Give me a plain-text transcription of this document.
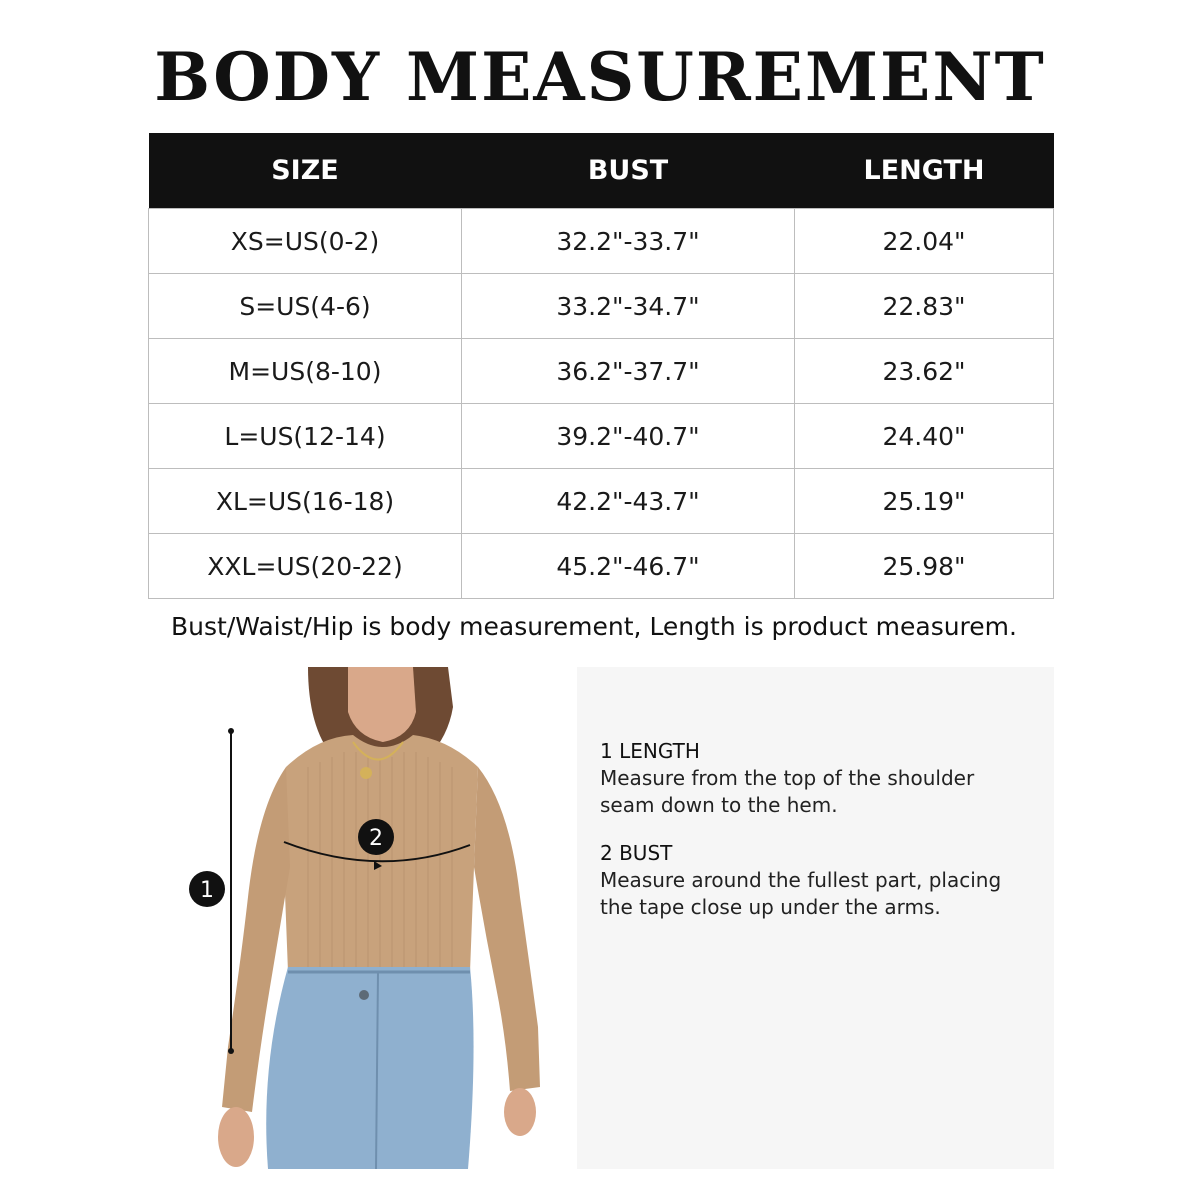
BODY MEASUREMENT
SIZE	BUST	LENGTH
XS=US(0-2)	32.2"-33.7"	22.04"
S=US(4-6)	33.2"-34.7"	22.83"
M=US(8-10)	36.2"-37.7"	23.62"
L=US(12-14)	39.2"-40.7"	24.40"
XL=US(16-18)	42.2"-43.7"	25.19"
XXL=US(20-22)	45.2"-46.7"	25.98"
Bust/Waist/Hip is body measurement, Length is product measurem.
1
2
1 LENGTH
Measure from the top of the shoulder
seam down to the hem.
2 BUST
Measure around the fullest part, placing
the tape close up under the arms.
